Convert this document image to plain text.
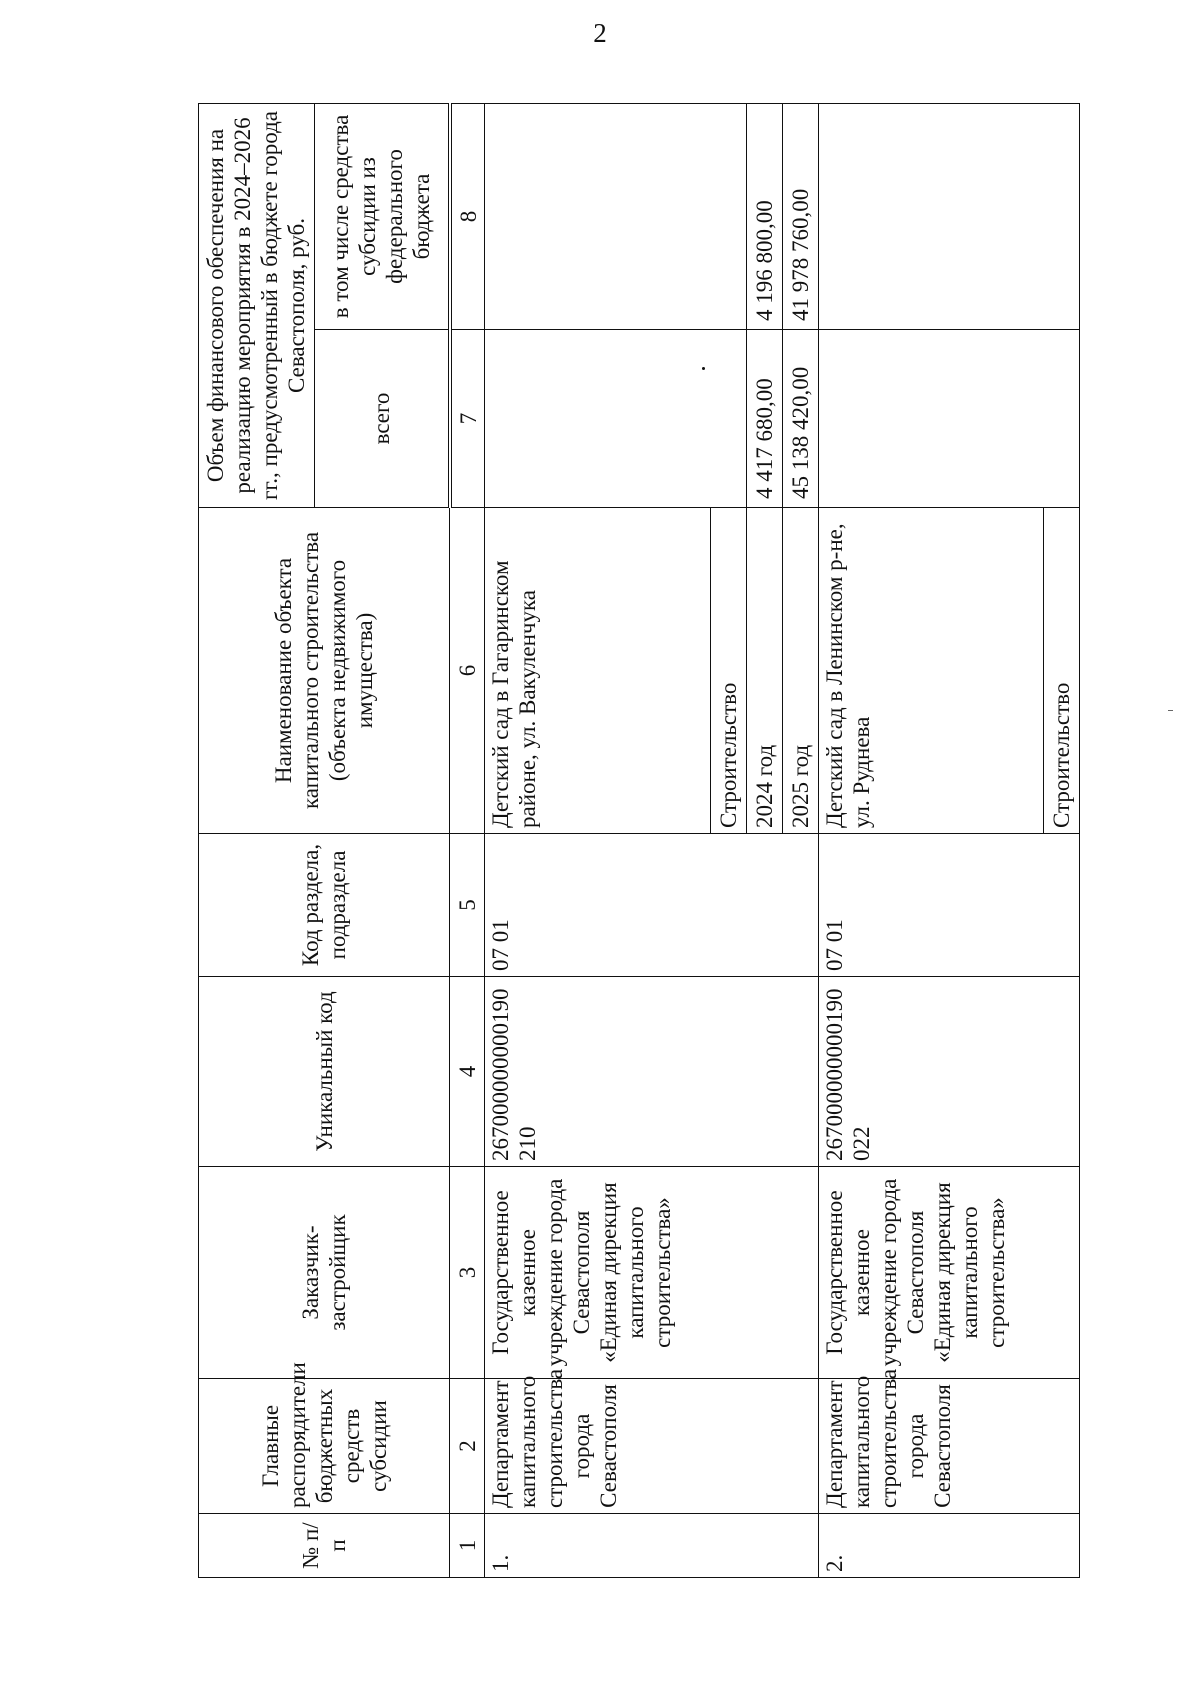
2
№ п/п	Главные распорядители бюджетных средств субсидии	Заказчик-застройщик	Уникальный код	Код раздела, подраздела	Наименование объекта капитального строительства (объекта недвижимого имущества)	Объем финансового обеспечения на реализацию мероприятия в 2024–2026 гг., предусмотренный в бюджете города Севастополя, руб.	
						всего	в том числе средства субсидии из федерального бюджета
1	2	3	4	5	6	7	8
1.	Департамент капитального строительства города Севастополя	Государственное казенное учреждение города Севастополя «Единая дирекция капитального строительства»	267000000000190210	07 01	Детский сад в Гагаринском районе, ул. Вакуленчука		
					Строительство		
					2024 год	4 417 680,00	4 196 800,00
					2025 год	45 138 420,00	41 978 760,00
2.	Департамент капитального строительства города Севастополя	Государственное казенное учреждение города Севастополя «Единая дирекция капитального строительства»	267000000000190022	07 01	Детский сад в Ленинском р-не, ул. Руднева		
					Строительство		
